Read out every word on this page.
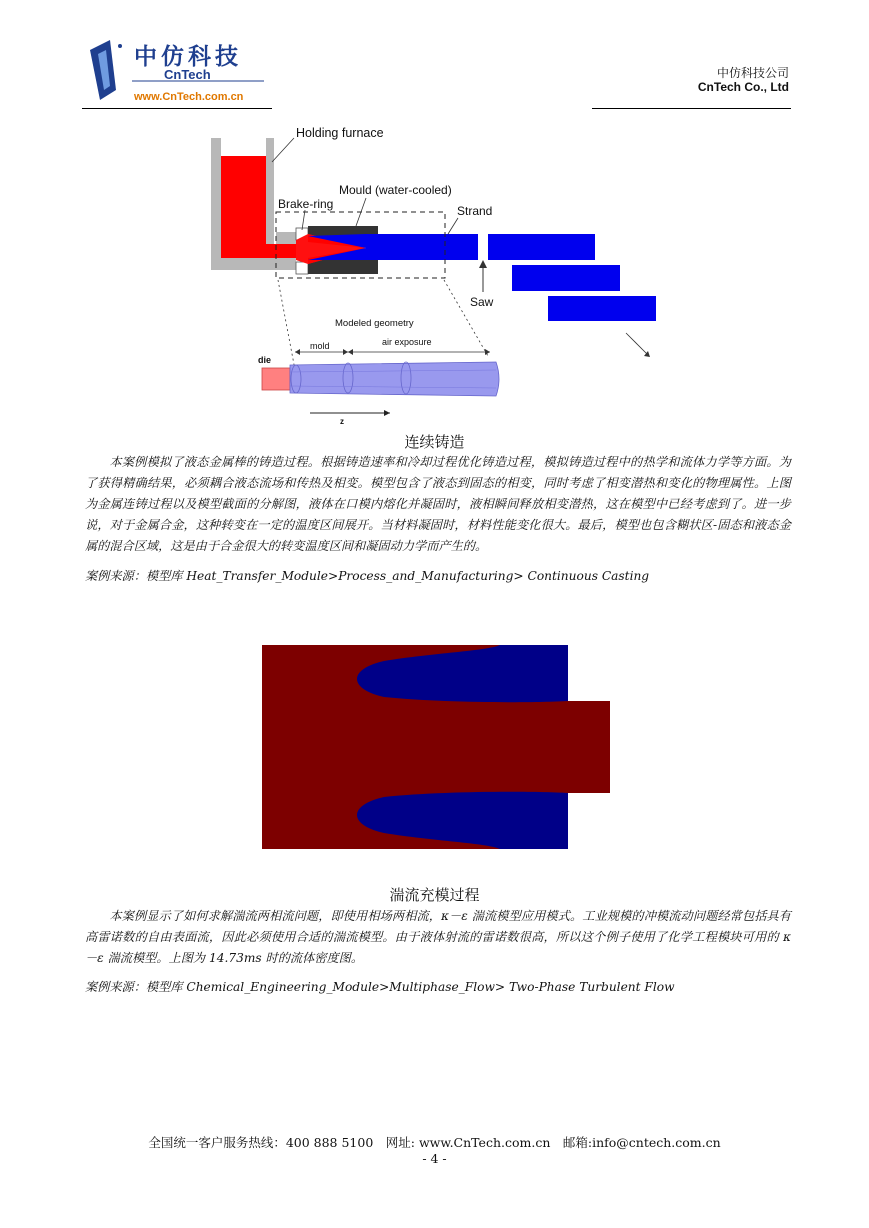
中仿科技
CnTech
www.CnTech.com.cn
中仿科技公司
CnTech Co., Ltd
Holding furnace
Mould (water-cooled)
Brake-ring	Strand
Saw
Modeled geometry
mold	air exposure
die
z
连续铸造
本案例模拟了液态金属棒的铸造过程。根据铸造速率和冷却过程优化铸造过程，模拟铸造过程中的热学和流体力学等方面。为了获得精确结果，必须耦合液态流场和传热及相变。模型包含了液态到固态的相变，同时考虑了相变潜热和变化的物理属性。上图为金属连铸过程以及模型截面的分解图，液体在口模内熔化并凝固时，液相瞬间释放相变潜热，这在模型中已经考虑到了。进一步说，对于金属合金，这种转变在一定的温度区间展开。当材料凝固时，材料性能变化很大。最后，模型也包含糊状区-固态和液态金属的混合区域，这是由于合金很大的转变温度区间和凝固动力学而产生的。
案例来源：模型库 Heat_Transfer_Module>Process_and_Manufacturing> Continuous Casting
湍流充模过程
本案例显示了如何求解湍流两相流问题，即使用相场两相流，κ－ε 湍流模型应用模式。工业规模的冲模流动问题经常包括具有高雷诺数的自由表面流，因此必须使用合适的湍流模型。由于液体射流的雷诺数很高，所以这个例子使用了化学工程模块可用的 κ－ε 湍流模型。上图为 14.73ms 时的流体密度图。
案例来源：模型库 Chemical_Engineering_Module>Multiphase_Flow> Two-Phase Turbulent Flow
全国统一客户服务热线：400 888 5100　网址: www.CnTech.com.cn　邮箱:info@cntech.com.cn
- 4 -
